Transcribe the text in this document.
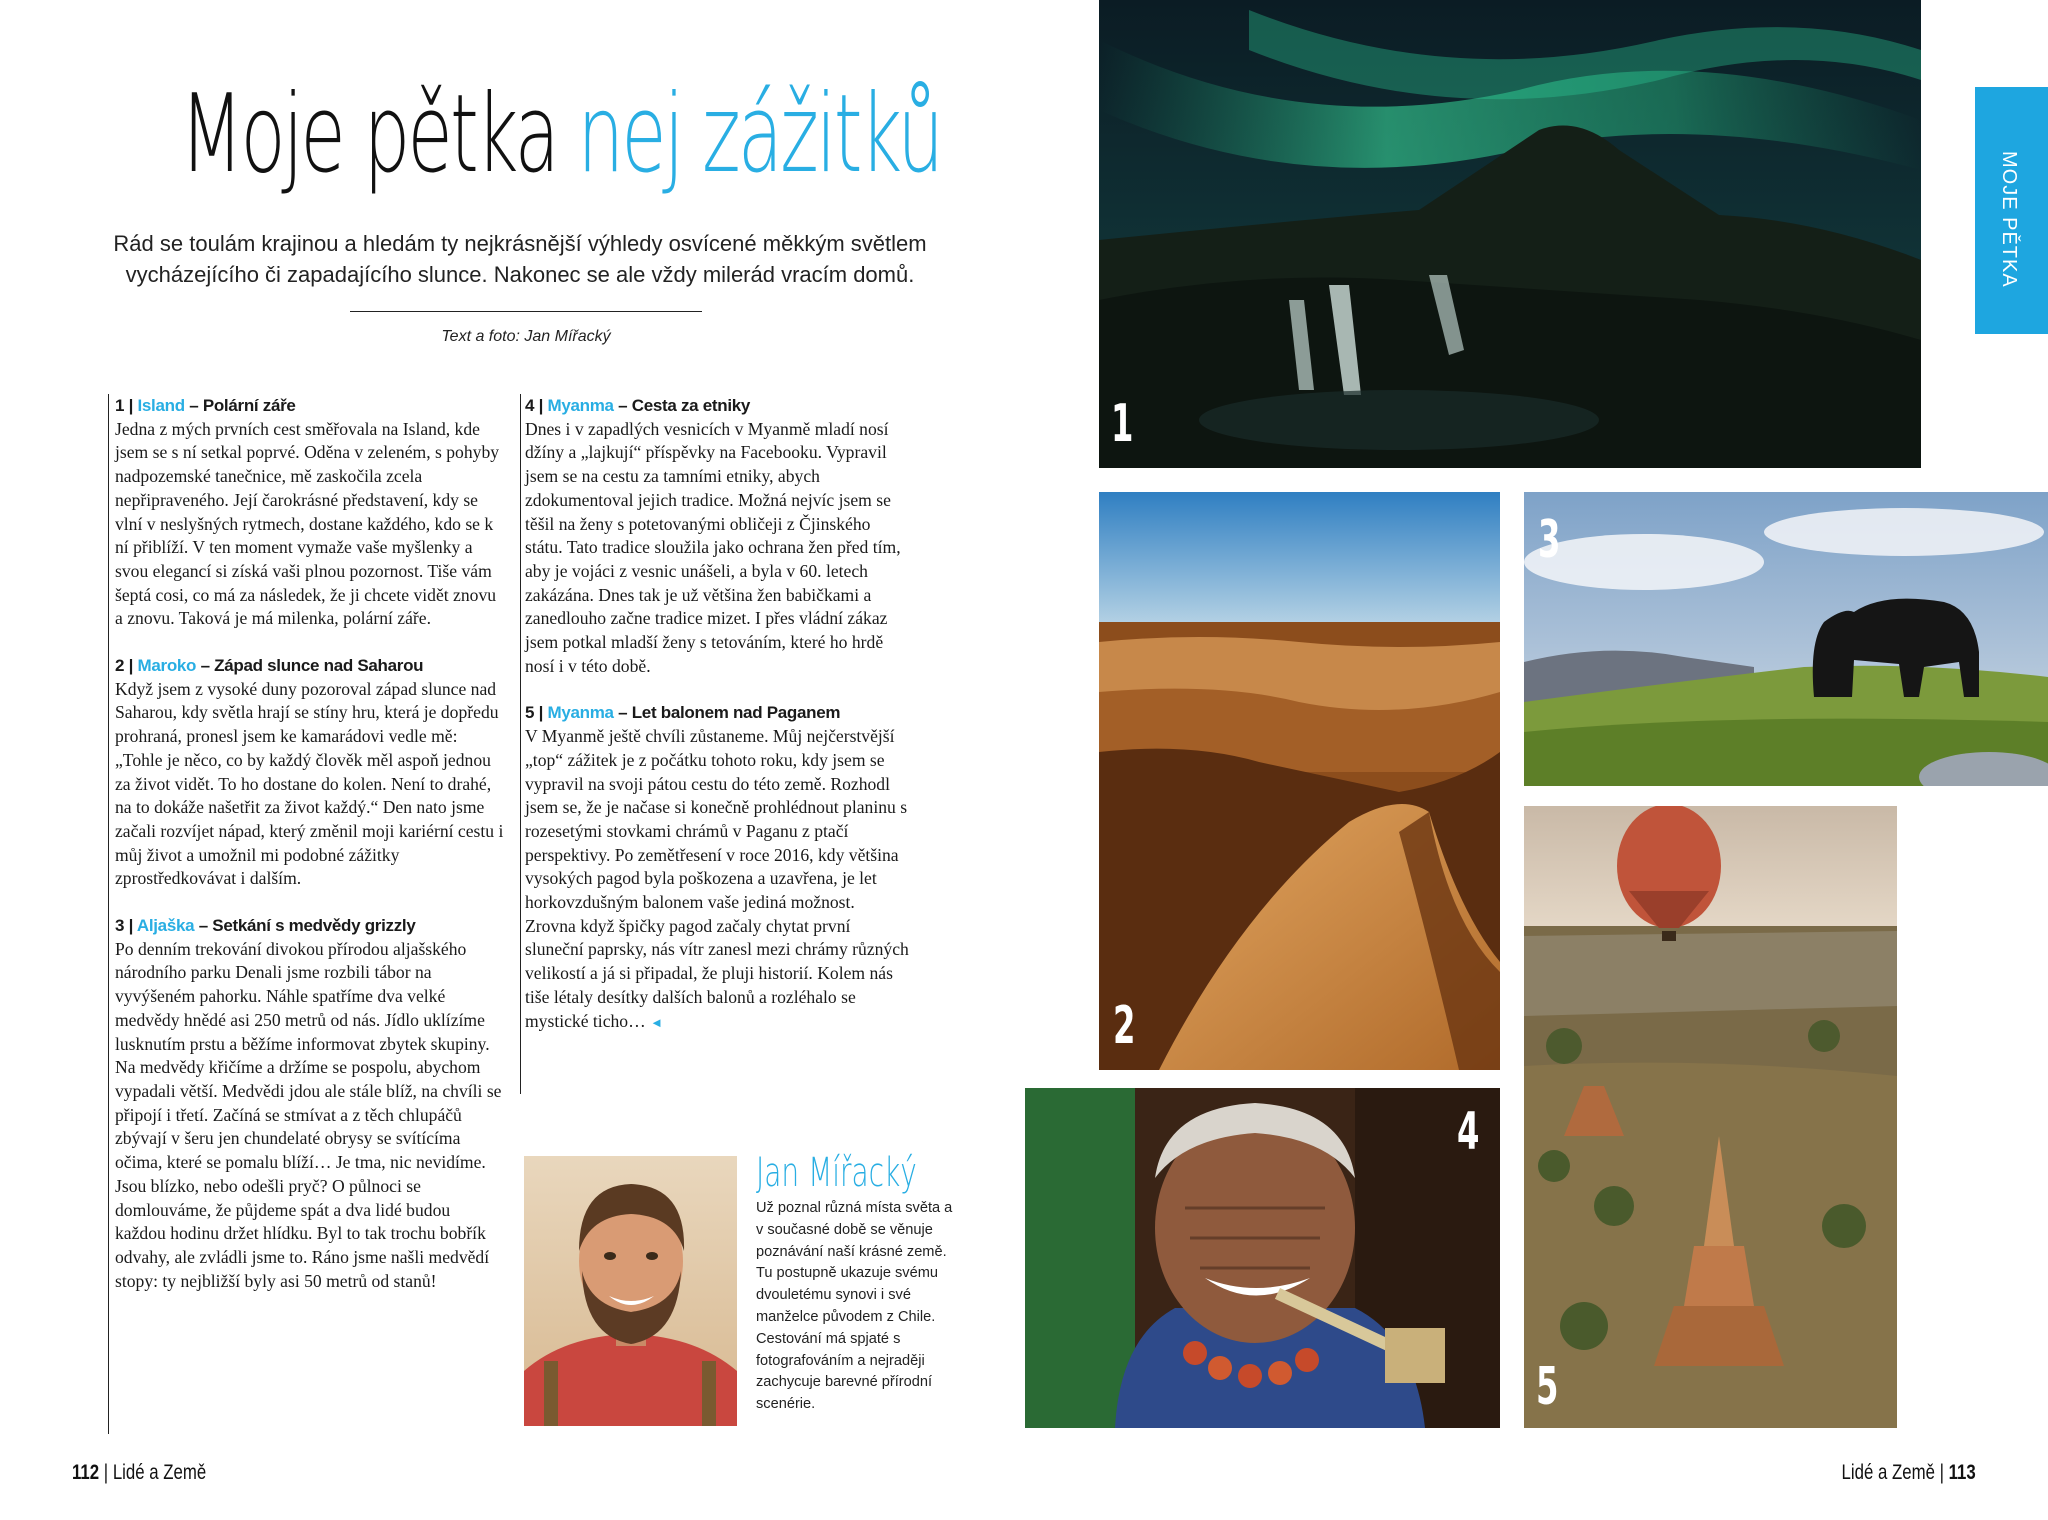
Moje pětka nej zážitků
Rád se toulám krajinou a hledám ty nejkrásnější výhledy osvícené měkkým světlem vycházejícího či zapadajícího slunce. Nakonec se ale vždy milerád vracím domů.
Text a foto: Jan Mířacký
1 | Island – Polární záře
Jedna z mých prvních cest směřovala na Island, kde jsem se s ní setkal poprvé. Oděna v zeleném, s pohyby nadpozemské tanečnice, mě zaskočila zcela nepřipraveného. Její čarokrásné představení, kdy se vlní v neslyšných rytmech, dostane každého, kdo se k ní přiblíží. V ten moment vymaže vaše myšlenky a svou elegancí si získá vaši plnou pozornost. Tiše vám šeptá cosi, co má za následek, že ji chcete vidět znovu a znovu. Taková je má milenka, polární záře.
2 | Maroko – Západ slunce nad Saharou
Když jsem z vysoké duny pozoroval západ slunce nad Saharou, kdy světla hrají se stíny hru, která je dopředu prohraná, pronesl jsem ke kamarádovi vedle mě: „Tohle je něco, co by každý člověk měl aspoň jednou za život vidět. To ho dostane do kolen. Není to drahé, na to dokáže našetřit za život každý.“ Den nato jsme začali rozvíjet nápad, který změnil moji kariérní cestu i můj život a umožnil mi podobné zážitky zprostředkovávat i dalším.
3 | Aljaška – Setkání s medvědy grizzly
Po denním trekování divokou přírodou aljašského národního parku Denali jsme rozbili tábor na vyvýšeném pahorku. Náhle spatříme dva velké medvědy hnědé asi 250 metrů od nás. Jídlo uklízíme lusknutím prstu a běžíme informovat zbytek skupiny. Na medvědy křičíme a držíme se pospolu, abychom vypadali větší. Medvědi jdou ale stále blíž, na chvíli se připojí i třetí. Začíná se stmívat a z těch chlupáčů zbývají v šeru jen chundelaté obrysy se svítícíma očima, které se pomalu blíží… Je tma, nic nevidíme. Jsou blízko, nebo odešli pryč? O půlnoci se domlouváme, že půjdeme spát a dva lidé budou každou hodinu držet hlídku. Byl to tak trochu bobřík odvahy, ale zvládli jsme to. Ráno jsme našli medvědí stopy: ty nejbližší byly asi 50 metrů od stanů!
4 | Myanma – Cesta za etniky
Dnes i v zapadlých vesnicích v Myanmě mladí nosí džíny a „lajkují“ příspěvky na Facebooku. Vypravil jsem se na cestu za tamními etniky, abych zdokumentoval jejich tradice. Možná nejvíc jsem se těšil na ženy s potetovanými obličeji z Čjinského státu. Tato tradice sloužila jako ochrana žen před tím, aby je vojáci z vesnic unášeli, a byla v 60. letech zakázána. Dnes tak je už většina žen babičkami a zanedlouho začne tradice mizet. I přes vládní zákaz jsem potkal mladší ženy s tetováním, které ho hrdě nosí i v této době.
5 | Myanma – Let balonem nad Paganem
V Myanmě ještě chvíli zůstaneme. Můj nejčerstvější „top“ zážitek je z počátku tohoto roku, kdy jsem se vypravil na svoji pátou cestu do této země. Rozhodl jsem se, že je načase si konečně prohlédnout planinu s rozesetými stovkami chrámů v Paganu z ptačí perspektivy. Po zemětřesení v roce 2016, kdy většina vysokých pagod byla poškozena a uzavřena, je let horkovzdušným balonem vaše jediná možnost. Zrovna když špičky pagod začaly chytat první sluneční paprsky, nás vítr zanesl mezi chrámy různých velikostí a já si připadal, že pluji historií. Kolem nás tiše létaly desítky dalších balonů a rozléhalo se mystické ticho… ◄
Jan Mířacký
Už poznal různá místa světa a v současné době se věnuje poznávání naší krásné země. Tu postupně ukazuje svému dvouletému synovi i své manželce původem z Chile. Cestování má spjaté s fotografováním a nejraději zachycuje barevné přírodní scenérie.
1
2
3
4
5
MOJE PĚTKA
112 | Lidé a Země	Lidé a Země | 113
